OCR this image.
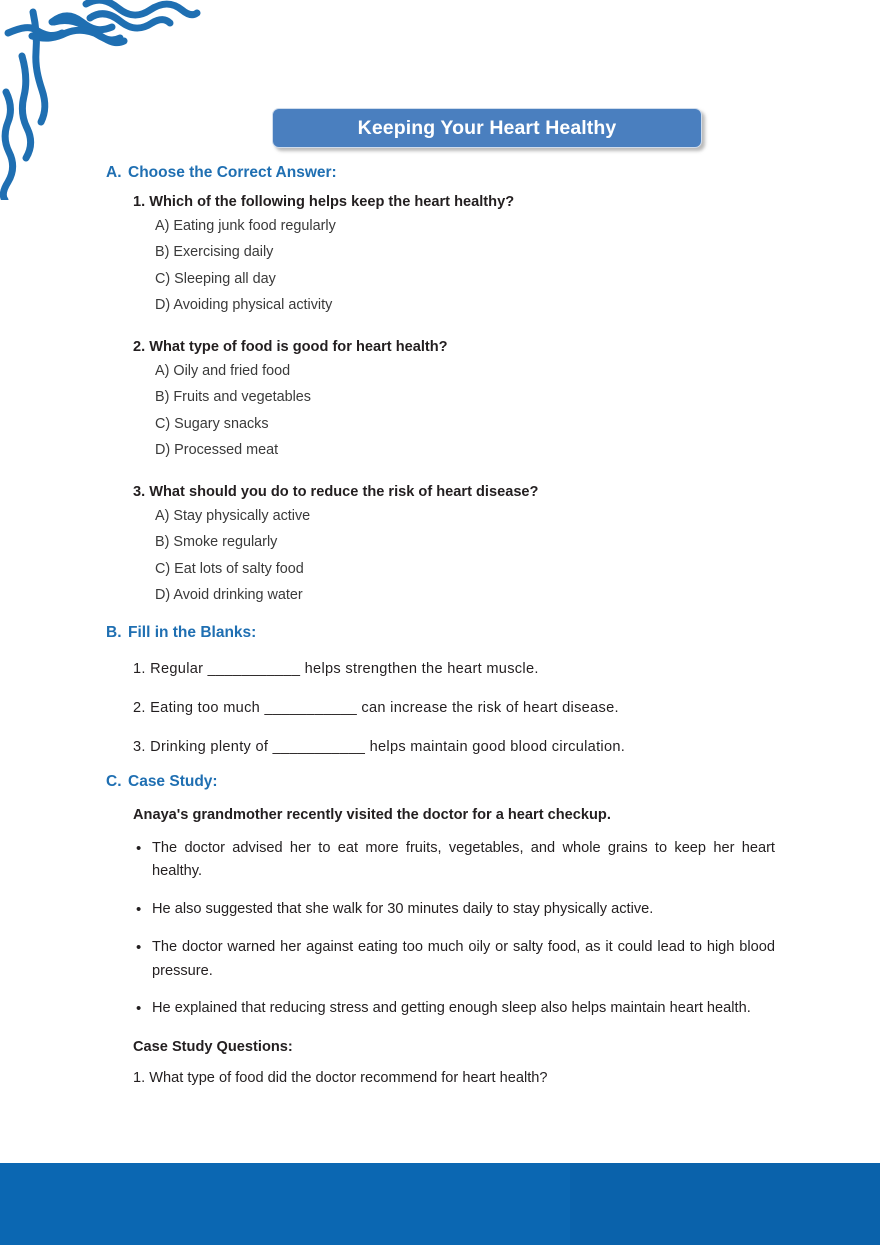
Keeping Your Heart Healthy
A. Choose the Correct Answer:
1. Which of the following helps keep the heart healthy?
A) Eating junk food regularly
B) Exercising daily
C) Sleeping all day
D) Avoiding physical activity
2. What type of food is good for heart health?
A) Oily and fried food
B) Fruits and vegetables
C) Sugary snacks
D) Processed meat
3. What should you do to reduce the risk of heart disease?
A) Stay physically active
B) Smoke regularly
C) Eat lots of salty food
D) Avoid drinking water
B. Fill in the Blanks:
1. Regular ___________ helps strengthen the heart muscle.
2. Eating too much ___________ can increase the risk of heart disease.
3. Drinking plenty of ___________ helps maintain good blood circulation.
C. Case Study:
Anaya's grandmother recently visited the doctor for a heart checkup.
• The doctor advised her to eat more fruits, vegetables, and whole grains to keep her heart healthy.
• He also suggested that she walk for 30 minutes daily to stay physically active.
• The doctor warned her against eating too much oily or salty food, as it could lead to high blood pressure.
• He explained that reducing stress and getting enough sleep also helps maintain heart health.
Case Study Questions:
1. What type of food did the doctor recommend for heart health?
